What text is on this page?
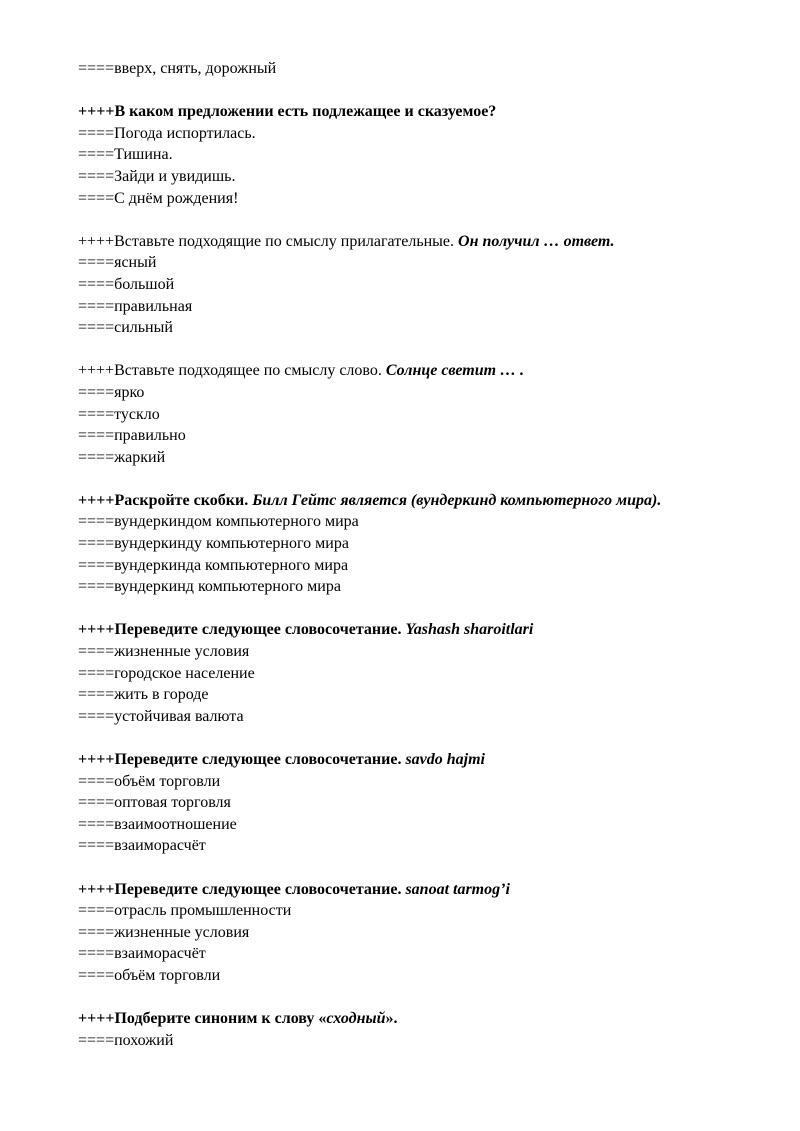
====вверх, снять, дорожный
++++В каком предложении есть подлежащее и сказуемое?
====Погода испортилась.
====Тишина.
====Зайди и увидишь.
====С днём рождения!
++++Вставьте подходящие по смыслу прилагательные. Он получил … ответ.
====ясный
====большой
====правильная
====сильный
++++Вставьте подходящее по смыслу слово. Солнце светит … .
====ярко
====тускло
====правильно
====жаркий
++++Раскройте скобки. Билл Гейтс является (вундеркинд компьютерного мира).
====вундеркиндом компьютерного мира
====вундеркинду компьютерного мира
====вундеркинда компьютерного мира
====вундеркинд компьютерного мира
++++Переведите следующее словосочетание. Yashash sharoitlari
====жизненные условия
====городское население
====жить в городе
====устойчивая валюта
++++Переведите следующее словосочетание. savdo hajmi
====объём торговли
====оптовая торговля
====взаимоотношение
====взаиморасчёт
++++Переведите следующее словосочетание. sanoat tarmog’i
====отрасль промышленности
====жизненные условия
====взаиморасчёт
====объём торговли
++++Подберите синоним к слову «сходный».
====похожий
